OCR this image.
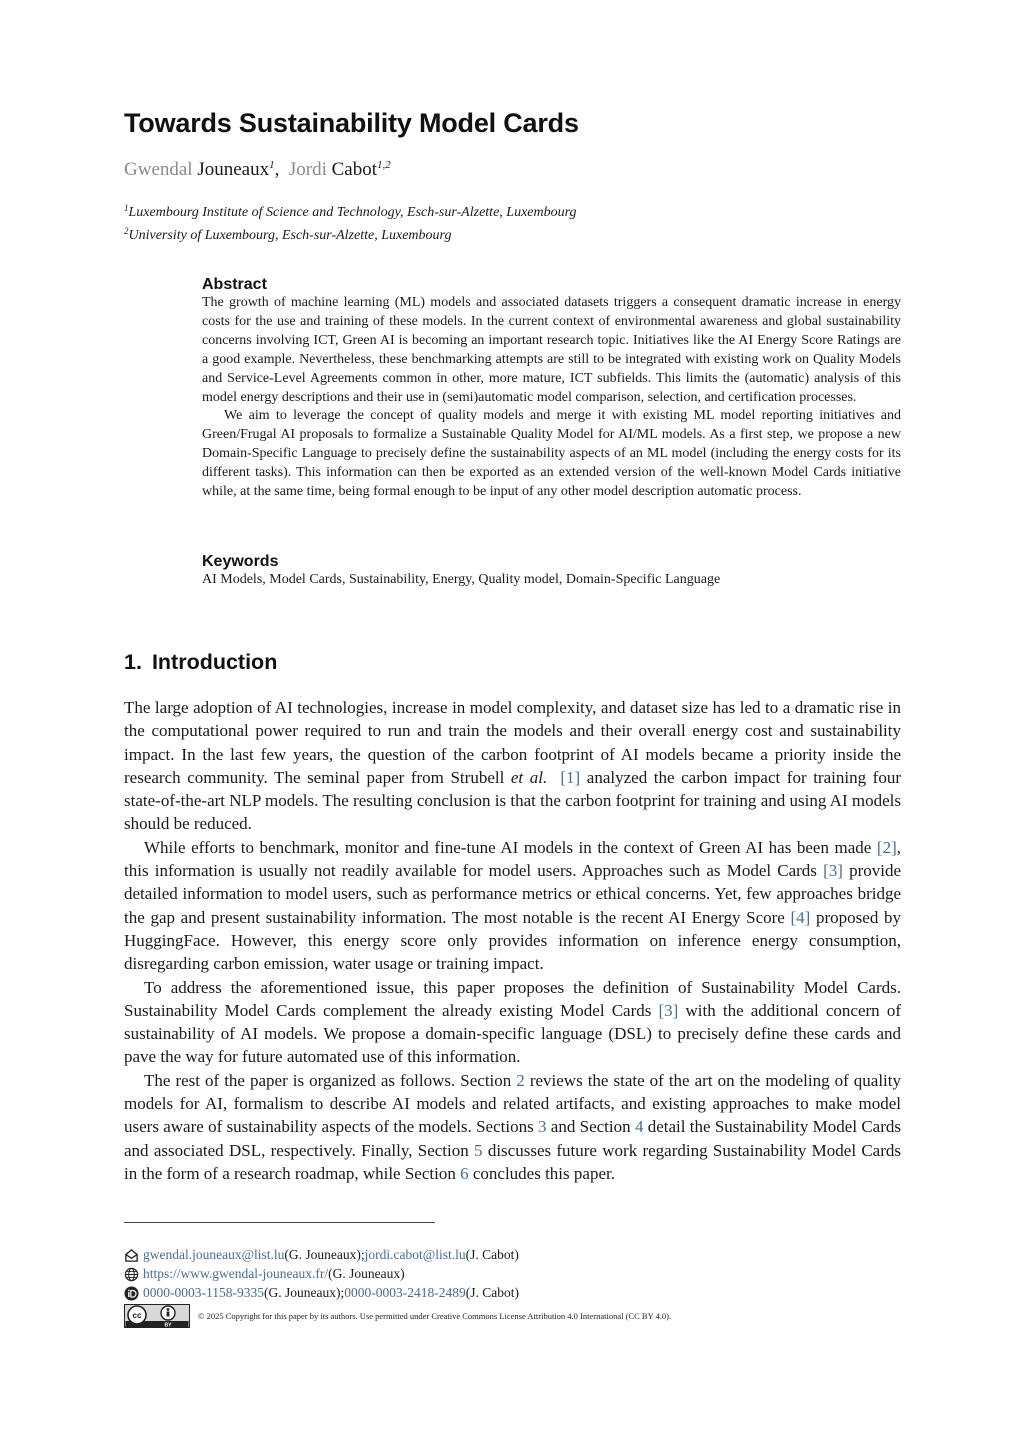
Towards Sustainability Model Cards
Gwendal Jouneaux$^1$,  Jordi Cabot$^{1,2}$
$^1$Luxembourg Institute of Science and Technology, Esch-sur-Alzette, Luxembourg
$^2$University of Luxembourg, Esch-sur-Alzette, Luxembourg
Abstract

The growth of machine learning (ML) models and associated datasets triggers a consequent dramatic increase in energy costs for the use and training of these models. In the current context of environmental awareness and global sustainability concerns involving ICT, Green AI is becoming an important research topic. Initiatives like the AI Energy Score Ratings are a good example. Nevertheless, these benchmarking attempts are still to be integrated with existing work on Quality Models and Service-Level Agreements common in other, more mature, ICT subfields. This limits the (automatic) analysis of this model energy descriptions and their use in (semi)automatic model comparison, selection, and certification processes.

We aim to leverage the concept of quality models and merge it with existing ML model reporting initiatives and Green/Frugal AI proposals to formalize a Sustainable Quality Model for AI/ML models. As a first step, we propose a new Domain-Specific Language to precisely define the sustainability aspects of an ML model (including the energy costs for its different tasks). This information can then be exported as an extended version of the well-known Model Cards initiative while, at the same time, being formal enough to be input of any other model description automatic process.

Keywords

AI Models, Model Cards, Sustainability, Energy, Quality model, Domain-Specific Language

1. Introduction

The large adoption of AI technologies, increase in model complexity, and dataset size has led to a dramatic rise in the computational power required to run and train the models and their overall energy cost and sustainability impact. In the last few years, the question of the carbon footprint of AI models became a priority inside the research community. The seminal paper from Strubell et al. [1] analyzed the carbon impact for training four state-of-the-art NLP models. The resulting conclusion is that the carbon footprint for training and using AI models should be reduced.

While efforts to benchmark, monitor and fine-tune AI models in the context of Green AI has been made [2], this information is usually not readily available for model users. Approaches such as Model Cards [3] provide detailed information to model users, such as performance metrics or ethical concerns. Yet, few approaches bridge the gap and present sustainability information. The most notable is the recent AI Energy Score [4] proposed by HuggingFace. However, this energy score only provides information on inference energy consumption, disregarding carbon emission, water usage or training impact.

To address the aforementioned issue, this paper proposes the definition of Sustainability Model Cards. Sustainability Model Cards complement the already existing Model Cards [3] with the additional concern of sustainability of AI models. We propose a domain-specific language (DSL) to precisely define these cards and pave the way for future automated use of this information.

The rest of the paper is organized as follows. Section 2 reviews the state of the art on the modeling of quality models for AI, formalism to describe AI models and related artifacts, and existing approaches to make model users aware of sustainability aspects of the models. Sections 3 and Section 4 detail the Sustainability Model Cards and associated DSL, respectively. Finally, Section 5 discusses future work regarding Sustainability Model Cards in the form of a research roadmap, while Section 6 concludes this paper.

gwendal.jouneaux@list.lu (G. Jouneaux); jordi.cabot@list.lu (J. Cabot)
https://www.gwendal-jouneaux.fr/ (G. Jouneaux)
0000-0003-1158-9335 (G. Jouneaux); 0000-0003-2418-2489 (J. Cabot)
cc
BY
© 2025 Copyright for this paper by its authors. Use permitted under Creative Commons License Attribution 4.0 International (CC BY 4.0).
